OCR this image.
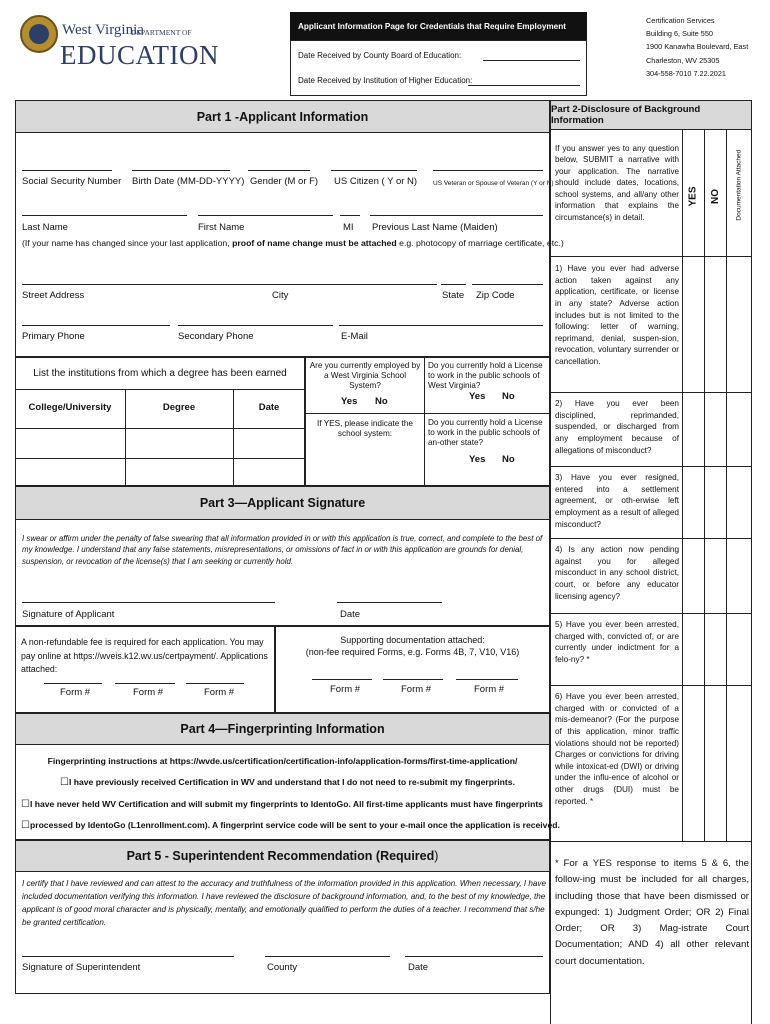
West Virginia
DEPARTMENT OF
EDUCATION
Applicant Information Page for Credentials that Require Employment
Date Received by County Board of Education:
Date Received by Institution of Higher Education:
Certification Services
Building 6, Suite 550
1900 Kanawha Boulevard, East
Charleston, WV 25305
304-558-7010 7.22.2021
Part 1 -Applicant Information
Social Security Number Birth Date (MM-DD-YYYY) Gender (M or F) US Citizen ( Y or N) US Veteran or Spouse of Veteran (Y or N)
Last Name	First Name	MI Previous Last Name (Maiden)
(If your name has changed since your last application, proof of name change must be attached e.g. photocopy of marriage certificate, etc.)
Street Address	City	State Zip Code
Primary Phone	Secondary Phone	E-Mail
List the institutions from which a degree has been earned
College/University	Degree	Date
Are you currently employed by a West Virginia School System?
Yes No
If YES, please indicate the school system:
Do you currently hold a License to work in the public schools of West Virginia?
Yes No
Do you currently hold a License to work in the public schools of an-other state?
Yes No
Part 3—Applicant Signature
I swear or affirm under the penalty of false swearing that all information provided in or with this application is true, correct, and complete to the best of my knowledge. I understand that any false statements, misrepresentations, or omissions of fact in or with this application are grounds for denial, suspension, or revocation of the license(s) that I am seeking or currently hold.
Signature of Applicant	Date
A non-refundable fee is required for each application. You may pay online at https://wveis.k12.wv.us/certpayment/. Applications attached:
Supporting documentation attached:
(non-fee required Forms, e.g. Forms 4B, 7, V10, V16)
Form #	Form #	Form #	Form #	Form #	Form #
Part 4—Fingerprinting Information
Fingerprinting instructions at https://wvde.us/certification/certification-info/application-forms/first-time-application/
☐I have previously received Certification in WV and understand that I do not need to re-submit my fingerprints.
☐I have never held WV Certification and will submit my fingerprints to IdentoGo. All first-time applicants must have fingerprints
☐processed by IdentoGo (L1enrollment.com). A fingerprint service code will be sent to your e-mail once the application is received.
Part 5 - Superintendent Recommendation (Required )
I certify that I have reviewed and can attest to the accuracy and truthfulness of the information provided in this application. When necessary, I have included documentation verifying this information. I have reviewed the disclosure of background information, and, to the best of my knowledge, the applicant is of good moral character and is physically, mentally, and emotionally qualified to perform the duties of a teacher. I recommend that s/he be granted certification.
Signature of Superintendent	County	Date
Part 2-Disclosure of Background Information
YES NO Documentation Attached
If you answer yes to any question below, SUBMIT a narrative with your application. The narrative should include dates, locations, school systems, and all/any other information that explains the circumstance(s) in detail.
1) Have you ever had adverse action taken against any application, certificate, or license in any state? Adverse action includes but is not limited to the following: letter of warning, reprimand, denial, suspen-sion, revocation, voluntary surrender or cancellation.
2) Have you ever been disciplined, reprimanded, suspended, or discharged from any employment because of allegations of misconduct?
3) Have you ever resigned, entered into a settlement agreement, or oth-erwise left employment as a result of alleged misconduct?
4) Is any action now pending against you for alleged misconduct in any school district, court, or before any educator licensing agency?
5) Have you ever been arrested, charged with, convicted of, or are currently under indictment for a felo-ny? *
6) Have you ever been arrested, charged with or convicted of a mis-demeanor? (For the purpose of this application, minor traffic violations should not be reported) Charges or convictions for driving while intoxicat-ed (DWI) or driving under the influ-ence of alcohol or other drugs (DUI) must be reported. *
* For a YES response to items 5 & 6, the follow-ing must be included for all charges, including those that have been dismissed or expunged: 1) Judgment Order; OR 2) Final Order; OR 3) Mag-istrate Court Documentation; AND 4) all other relevant court documentation.
